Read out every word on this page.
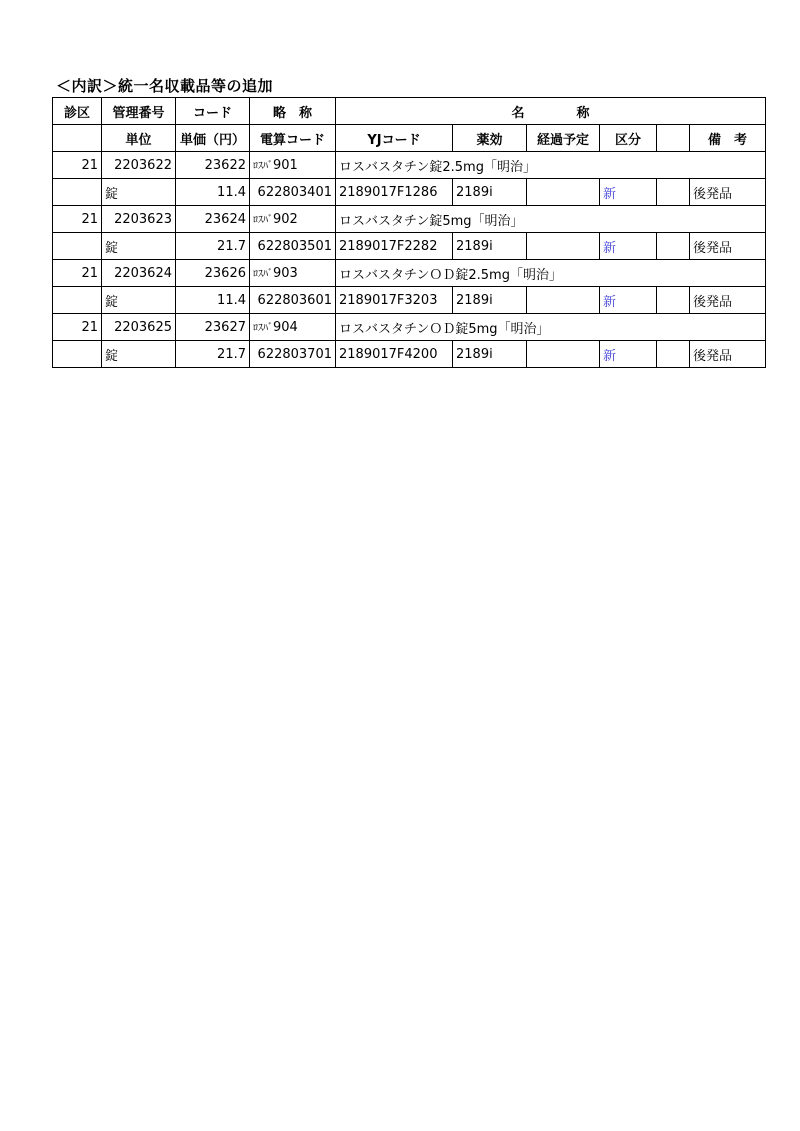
＜内訳＞統一名収載品等の追加
診区	管理番号	コード	略　称	名　　　　称					
	単位	単価（円）	電算コード	YJコード	薬効	経過予定	区分		備　考
21	2203622	23622	ﾛｽﾊﾞ901	ロスバスタチン錠2.5mg「明治」					
	錠	11.4	622803401	2189017F1286	2189i		新		後発品
21	2203623	23624	ﾛｽﾊﾞ902	ロスバスタチン錠5mg「明治」					
	錠	21.7	622803501	2189017F2282	2189i		新		後発品
21	2203624	23626	ﾛｽﾊﾞ903	ロスバスタチンＯＤ錠2.5mg「明治」					
	錠	11.4	622803601	2189017F3203	2189i		新		後発品
21	2203625	23627	ﾛｽﾊﾞ904	ロスバスタチンＯＤ錠5mg「明治」					
	錠	21.7	622803701	2189017F4200	2189i		新		後発品
